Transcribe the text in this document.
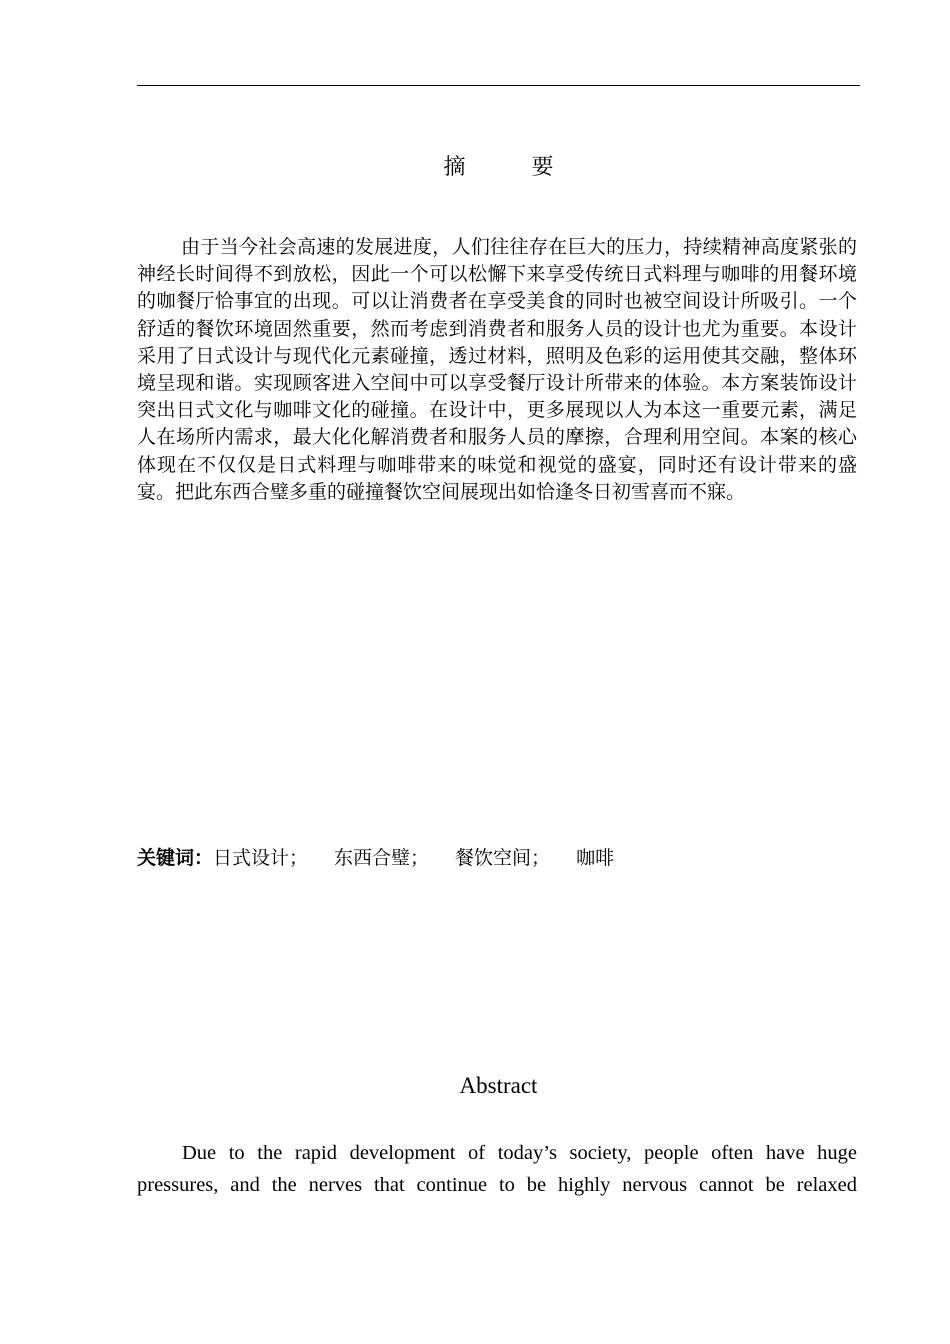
摘　要

由于当今社会高速的发展进度，人们往往存在巨大的压力，持续精神高度紧张的神经长时间得不到放松，因此一个可以松懈下来享受传统日式料理与咖啡的用餐环境的咖餐厅恰事宜的出现。可以让消费者在享受美食的同时也被空间设计所吸引。一个舒适的餐饮环境固然重要，然而考虑到消费者和服务人员的设计也尤为重要。本设计采用了日式设计与现代化元素碰撞，透过材料，照明及色彩的运用使其交融，整体环境呈现和谐。实现顾客进入空间中可以享受餐厅设计所带来的体验。本方案装饰设计突出日式文化与咖啡文化的碰撞。在设计中，更多展现以人为本这一重要元素，满足人在场所内需求，最大化化解消费者和服务人员的摩擦，合理利用空间。本案的核心体现在不仅仅是日式料理与咖啡带来的味觉和视觉的盛宴，同时还有设计带来的盛宴。把此东西合璧多重的碰撞餐饮空间展现出如恰逢冬日初雪喜而不寐。

关键词：日式设计； 东西合璧； 餐饮空间； 咖啡
Abstract

Due to the rapid development of today’s society, people often have huge pressures, and the nerves that continue to be highly nervous cannot be relaxed
